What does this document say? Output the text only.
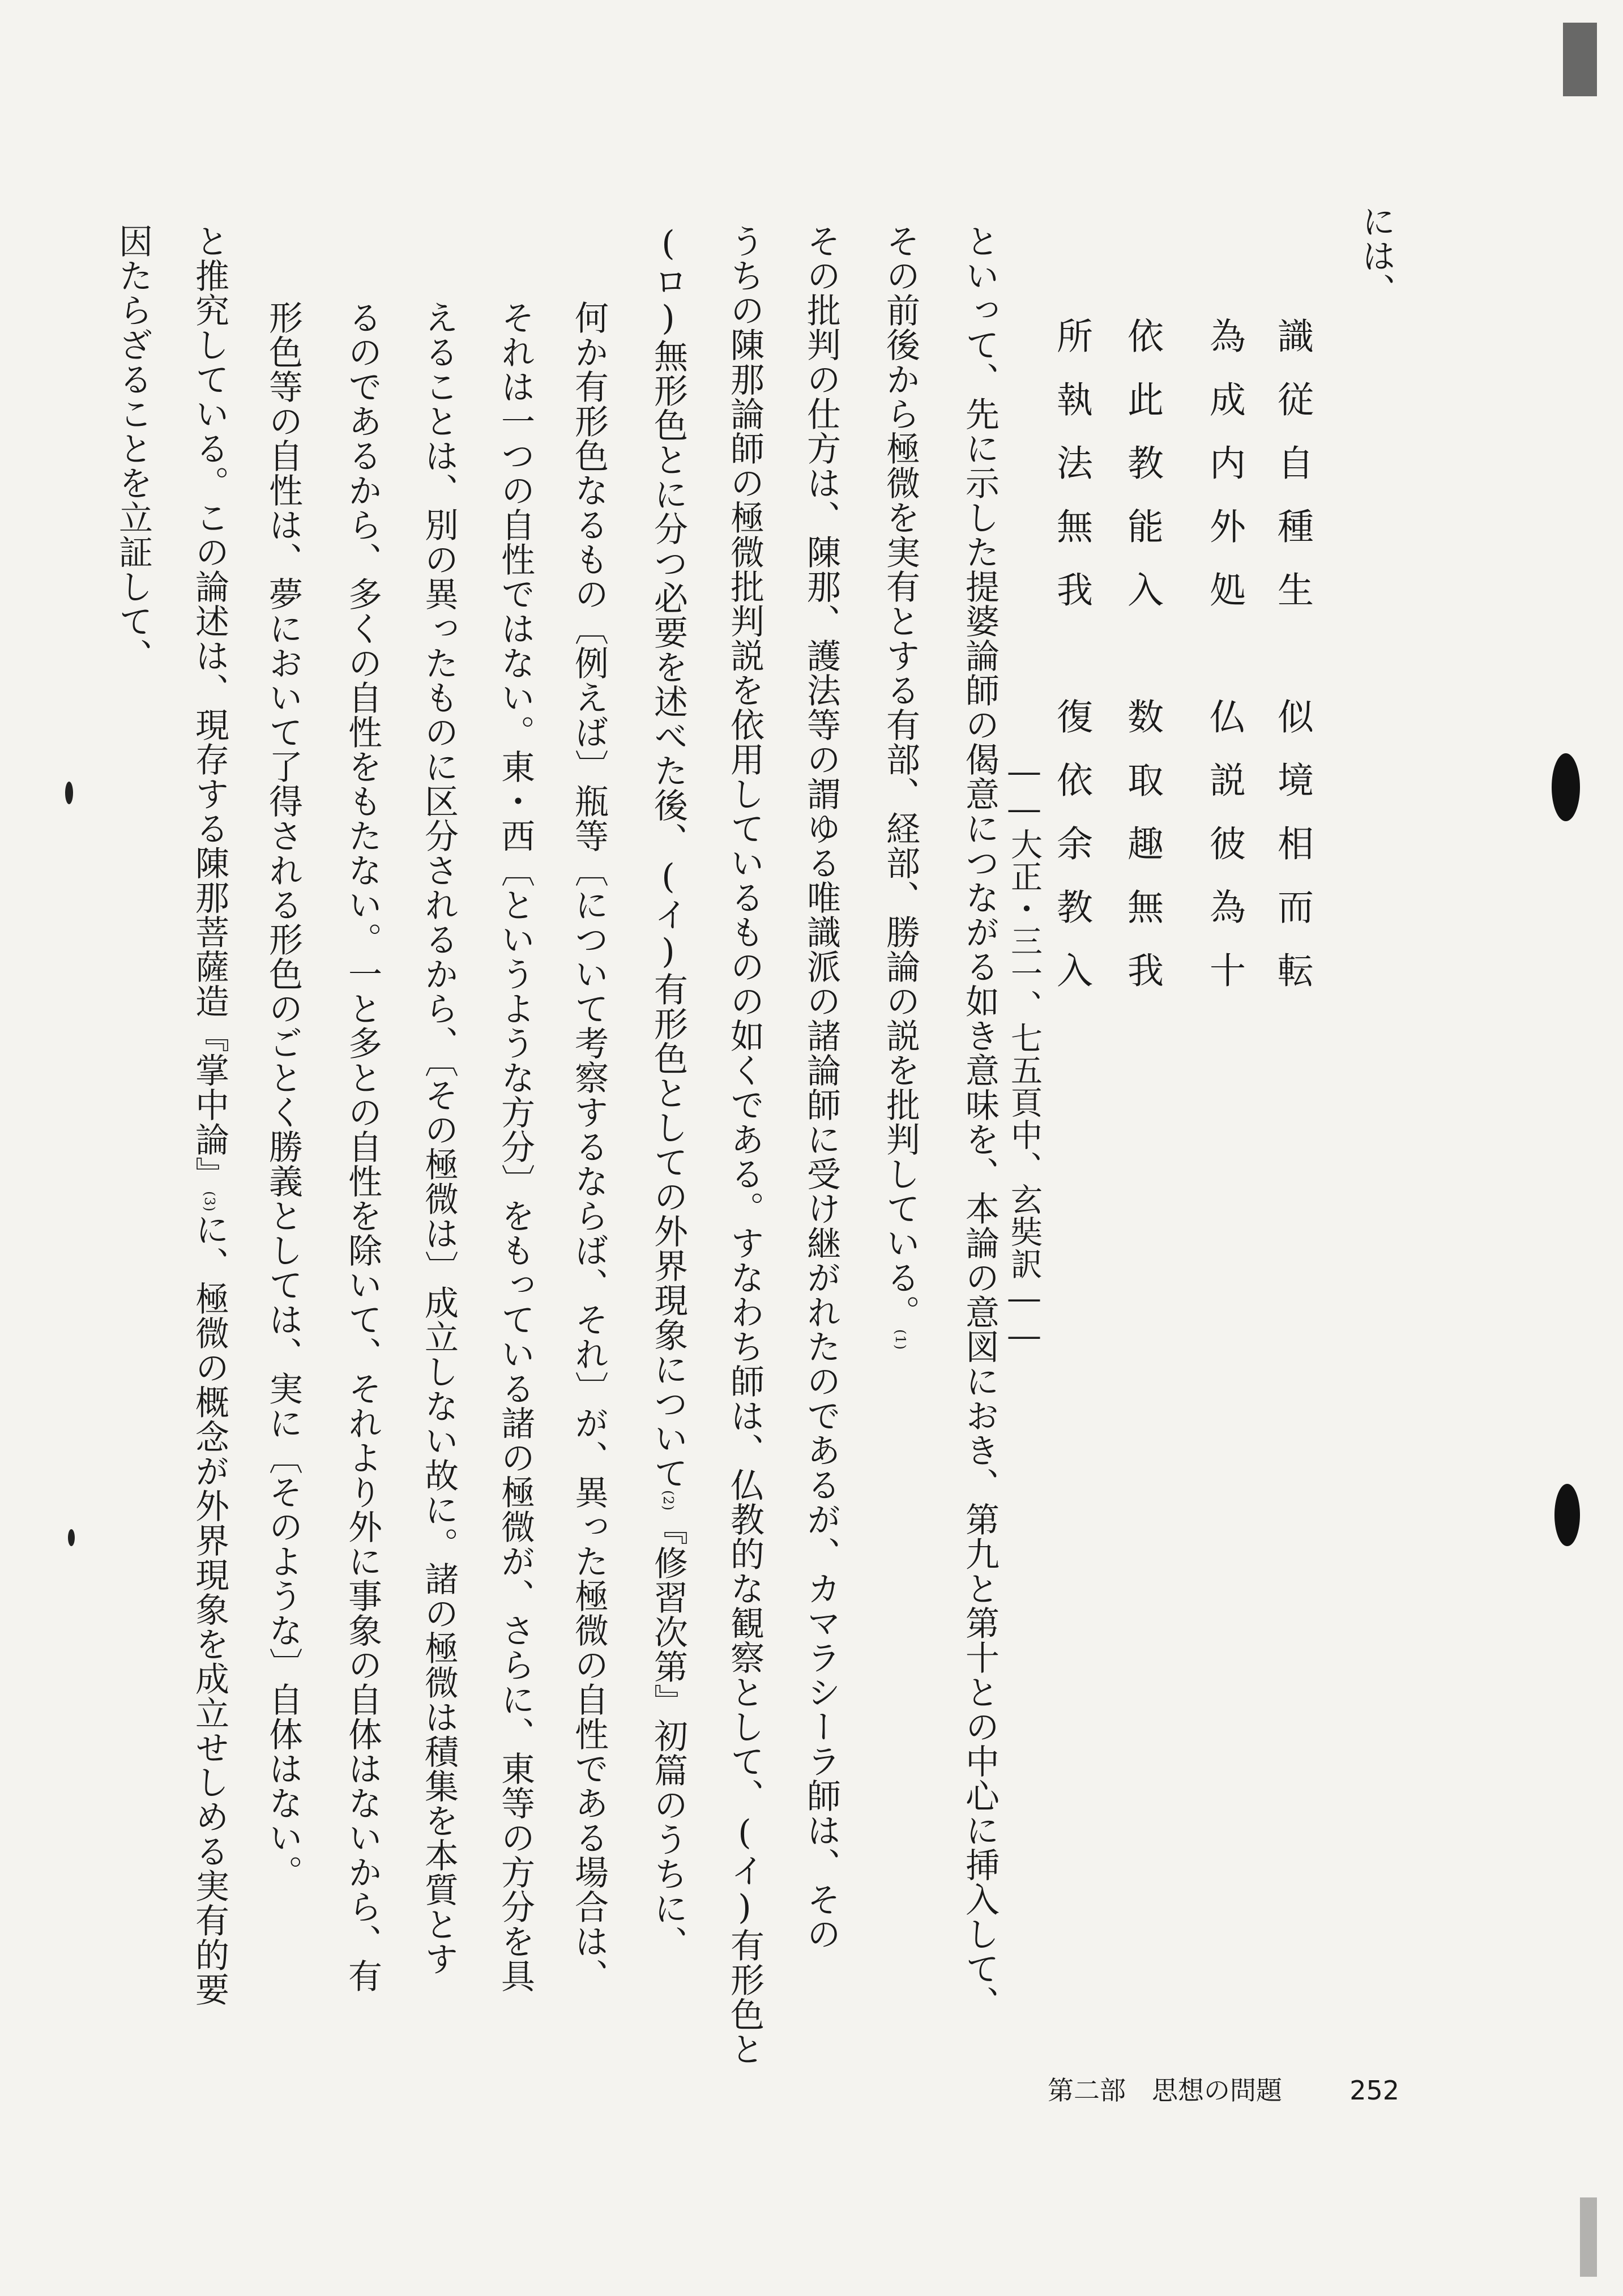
には、
識従自種生　似境相而転
為成内外処　仏説彼為十
依此教能入　数取趣無我
所執法無我　復依余教入
――大正・三一、七五頁中、玄奘訳――
といって、先に示した提婆論師の偈意につながる如き意味を、本論の意図におき、第九と第十との中心に挿入して、
その前後から極微を実有とする有部、経部、勝論の説を批判している。(1)
その批判の仕方は、陳那、護法等の謂ゆる唯識派の諸論師に受け継がれたのであるが、カマラシーラ師は、その
うちの陳那論師の極微批判説を依用しているものの如くである。すなわち師は、仏教的な観察として、(イ)有形色と
(ロ)無形色とに分つ必要を述べた後、(イ)有形色としての外界現象について(2)『修習次第』初篇のうちに、
何か有形色なるもの〔例えば〕瓶等〔について考察するならば、それ〕が、異った極微の自性である場合は、
それは一つの自性ではない。東・西〔というような方分〕をもっている諸の極微が、さらに、東等の方分を具
えることは、別の異ったものに区分されるから、〔その極微は〕成立しない故に。諸の極微は積集を本質とす
るのであるから、多くの自性をもたない。一と多との自性を除いて、それより外に事象の自体はないから、有
形色等の自性は、夢において了得される形色のごとく勝義としては、実に〔そのような〕自体はない。
と推究している。この論述は、現存する陳那菩薩造『掌中論』(3)に、極微の概念が外界現象を成立せしめる実有的要
因たらざることを立証して、
第二部　思想の問題	252
